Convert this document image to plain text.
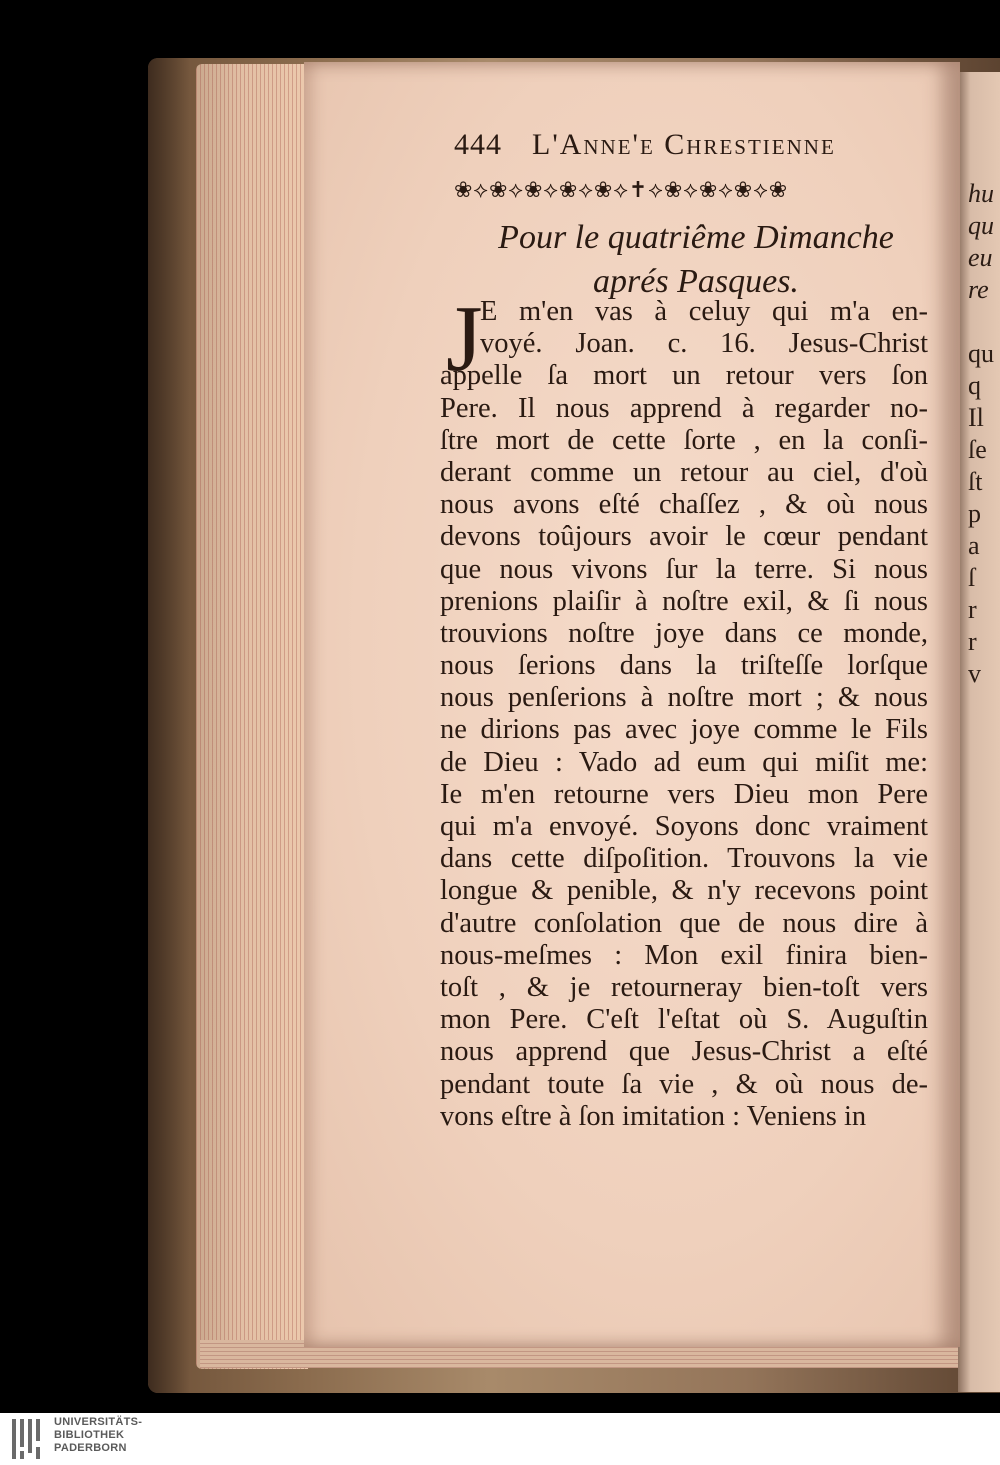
hu
qu
eu
re

qu
q
Il
ſe
ſt
p
a
ſ
r
r
v
444 L'Anne'e Chrestienne
❀⟡❀⟡❀⟡❀⟡❀⟡✝⟡❀⟡❀⟡❀⟡❀
Pour le quatriême Dimanche
aprés Pasques.
J
E m'en vas à celuy qui m'a en-
voyé. Joan. c. 16. Jesus-Christ
appelle ſa mort un retour vers ſon
Pere. Il nous apprend à regarder no-
ſtre mort de cette ſorte , en la conſi-
derant comme un retour au ciel, d'où
nous avons eſté chaſſez , & où nous
devons toûjours avoir le cœur pendant
que nous vivons ſur la terre. Si nous
prenions plaiſir à noſtre exil, & ſi nous
trouvions noſtre joye dans ce monde,
nous ſerions dans la triſteſſe lorſque
nous penſerions à noſtre mort ; & nous
ne dirions pas avec joye comme le Fils
de Dieu : Vado ad eum qui miſit me:
Ie m'en retourne vers Dieu mon Pere
qui m'a envoyé. Soyons donc vraiment
dans cette diſpoſition. Trouvons la vie
longue & penible, & n'y recevons point
d'autre conſolation que de nous dire à
nous-meſmes : Mon exil finira bien-
toſt , & je retourneray bien-toſt vers
mon Pere. C'eſt l'eſtat où S. Auguſtin
nous apprend que Jesus-Christ a eſté
pendant toute ſa vie , & où nous de-
vons eſtre à ſon imitation : Veniens in
UNIVERSITÄTS-
BIBLIOTHEK
PADERBORN
